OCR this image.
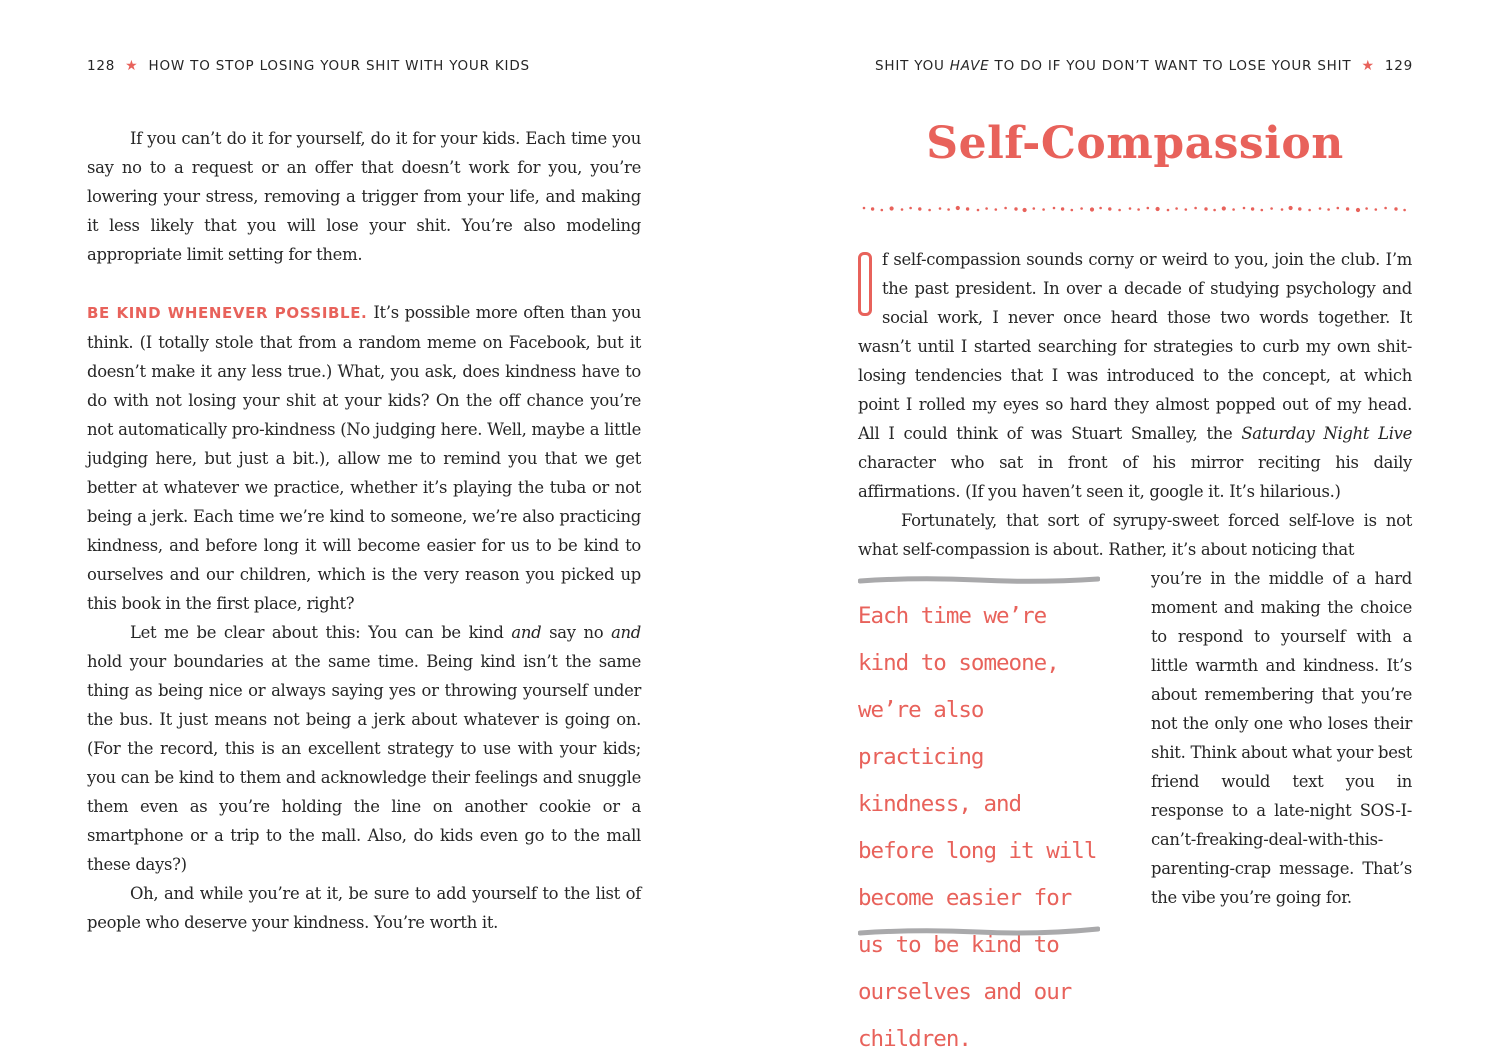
128 ★ HOW TO STOP LOSING YOUR SHIT WITH YOUR KIDS

If you can’t do it for yourself, do it for your kids. Each time you say no to a request or an offer that doesn’t work for you, you’re lowering your stress, removing a trigger from your life, and making it less likely that you will lose your shit. You’re also modeling appropriate limit setting for them.

BE KIND WHENEVER POSSIBLE. It’s possible more often than you think. (I totally stole that from a random meme on Facebook, but it doesn’t make it any less true.) What, you ask, does kindness have to do with not losing your shit at your kids? On the off chance you’re not automatically pro-kindness (No judging here. Well, maybe a little judging here, but just a bit.), allow me to remind you that we get better at whatever we practice, whether it’s playing the tuba or not being a jerk. Each time we’re kind to someone, we’re also practicing kindness, and before long it will become easier for us to be kind to ourselves and our children, which is the very reason you picked up this book in the first place, right?

Let me be clear about this: You can be kind and say no and hold your boundaries at the same time. Being kind isn’t the same thing as being nice or always saying yes or throwing yourself under the bus. It just means not being a jerk about whatever is going on. (For the record, this is an excellent strategy to use with your kids; you can be kind to them and acknowledge their feelings and snuggle them even as you’re holding the line on another cookie or a smartphone or a trip to the mall. Also, do kids even go to the mall these days?)

Oh, and while you’re at it, be sure to add yourself to the list of people who deserve your kindness. You’re worth it.

SHIT YOU HAVE TO DO IF YOU DON’T WANT TO LOSE YOUR SHIT ★ 129
Self-Compassion

f self-compassion sounds corny or weird to you, join the club. I’m the past president. In over a decade of studying psychology and social work, I never once heard those two words together. It wasn’t until I started searching for strategies to curb my own shit-losing tendencies that I was introduced to the concept, at which point I rolled my eyes so hard they almost popped out of my head. All I could think of was Stuart Smalley, the Saturday Night Live character who sat in front of his mirror reciting his daily affirmations. (If you haven’t seen it, google it. It’s hilarious.)

Fortunately, that sort of syrupy-sweet forced self-love is not what self-compassion is about. Rather, it’s about noticing that

Each time we’re kind to someone, we’re also practicing kindness, and before long it will become easier for us to be kind to ourselves and our children.

you’re in the middle of a hard moment and making the choice to respond to yourself with a little warmth and kindness. It’s about remembering that you’re not the only one who loses their shit. Think about what your best friend would text you in response to a late-night SOS-I-can’t-freaking-deal-with-this-parenting-crap message. That’s the vibe you’re going for.
